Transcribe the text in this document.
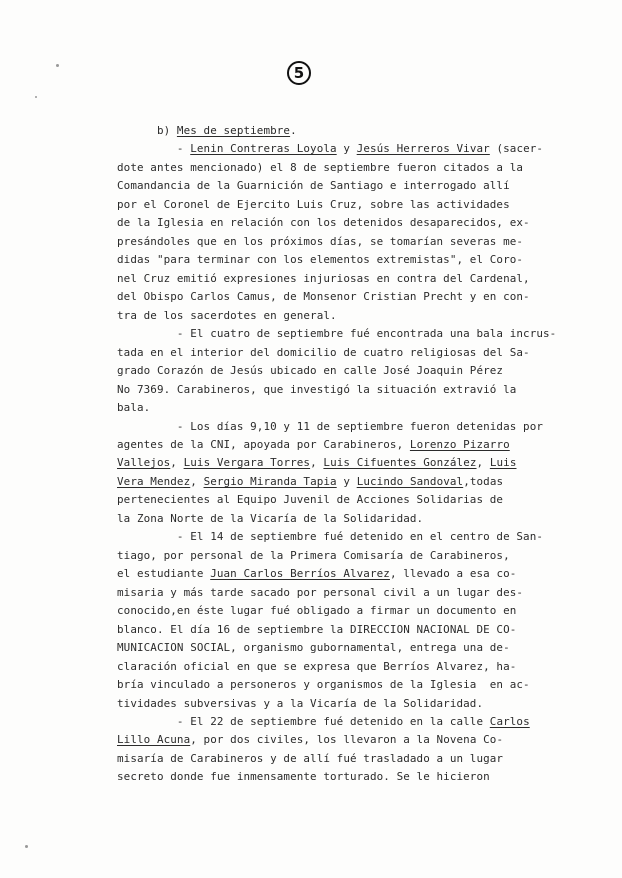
5
b) Mes de septiembre.
- Lenin Contreras Loyola y Jesús Herreros Vivar (sacer-
dote antes mencionado) el 8 de septiembre fueron citados a la
Comandancia de la Guarnición de Santiago e interrogado allí
por el Coronel de Ejercito Luis Cruz, sobre las actividades
de la Iglesia en relación con los detenidos desaparecidos, ex-
presándoles que en los próximos días, se tomarían severas me-
didas "para terminar con los elementos extremistas", el Coro-
nel Cruz emitió expresiones injuriosas en contra del Cardenal,
del Obispo Carlos Camus, de Monsenor Cristian Precht y en con-
tra de los sacerdotes en general.
- El cuatro de septiembre fué encontrada una bala incrus-
tada en el interior del domicilio de cuatro religiosas del Sa-
grado Corazón de Jesús ubicado en calle José Joaquin Pérez
No 7369. Carabineros, que investigó la situación extravió la
bala.
- Los días 9,10 y 11 de septiembre fueron detenidas por
agentes de la CNI, apoyada por Carabineros, Lorenzo Pizarro
Vallejos, Luis Vergara Torres, Luis Cifuentes González, Luis
Vera Mendez, Sergio Miranda Tapia y Lucindo Sandoval,todas
pertenecientes al Equipo Juvenil de Acciones Solidarias de
la Zona Norte de la Vicaría de la Solidaridad.
- El 14 de septiembre fué detenido en el centro de San-
tiago, por personal de la Primera Comisaría de Carabineros,
el estudiante Juan Carlos Berríos Alvarez, llevado a esa co-
misaria y más tarde sacado por personal civil a un lugar des-
conocido,en éste lugar fué obligado a firmar un documento en
blanco. El día 16 de septiembre la DIRECCION NACIONAL DE CO-
MUNICACION SOCIAL, organismo gubornamental, entrega una de-
claración oficial en que se expresa que Berríos Alvarez, ha-
bría vinculado a personeros y organismos de la Iglesia  en ac-
tividades subversivas y a la Vicaría de la Solidaridad.
- El 22 de septiembre fué detenido en la calle Carlos
Lillo Acuna, por dos civiles, los llevaron a la Novena Co-
misaría de Carabineros y de allí fué trasladado a un lugar
secreto donde fue inmensamente torturado. Se le hicieron
